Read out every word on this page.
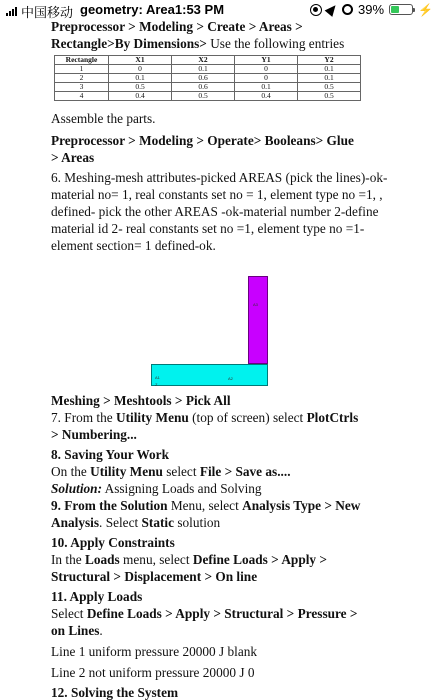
中国移动 geometry: Area1:53 PM	39%	⚡
Preprocessor > Modeling > Create > Areas >
Rectangle>By Dimensions> Use the following entries
Rectangle	X1	X2	Y1	Y2
1	0	0.1	0	0.1
2	0.1	0.6	0	0.1
3	0.5	0.6	0.1	0.5
4	0.4	0.5	0.4	0.5
Assemble the parts.
Preprocessor > Modeling > Operate> Booleans> Glue
> Areas
6. Meshing-mesh attributes-picked AREAS (pick the lines)-ok-material no= 1, real constants set no = 1, element type no =1, , defined- pick the other AREAS -ok-material number 2-define material id 2- real constants set no =1, element type no =1-element section= 1 defined-ok.
A3
A2
A1
Z
Meshing > Meshtools > Pick All
7. From the Utility Menu (top of screen) select PlotCtrls
> Numbering...
8. Saving Your Work
On the Utility Menu select File > Save as....
Solution: Assigning Loads and Solving
9. From the Solution Menu, select Analysis Type > New
Analysis. Select Static solution
10. Apply Constraints
In the Loads menu, select Define Loads > Apply >
Structural > Displacement > On line
11. Apply Loads
Select Define Loads > Apply > Structural > Pressure >
on Lines.
Line 1 uniform pressure 20000 J blank
Line 2 not uniform pressure 20000 J 0
12. Solving the System
